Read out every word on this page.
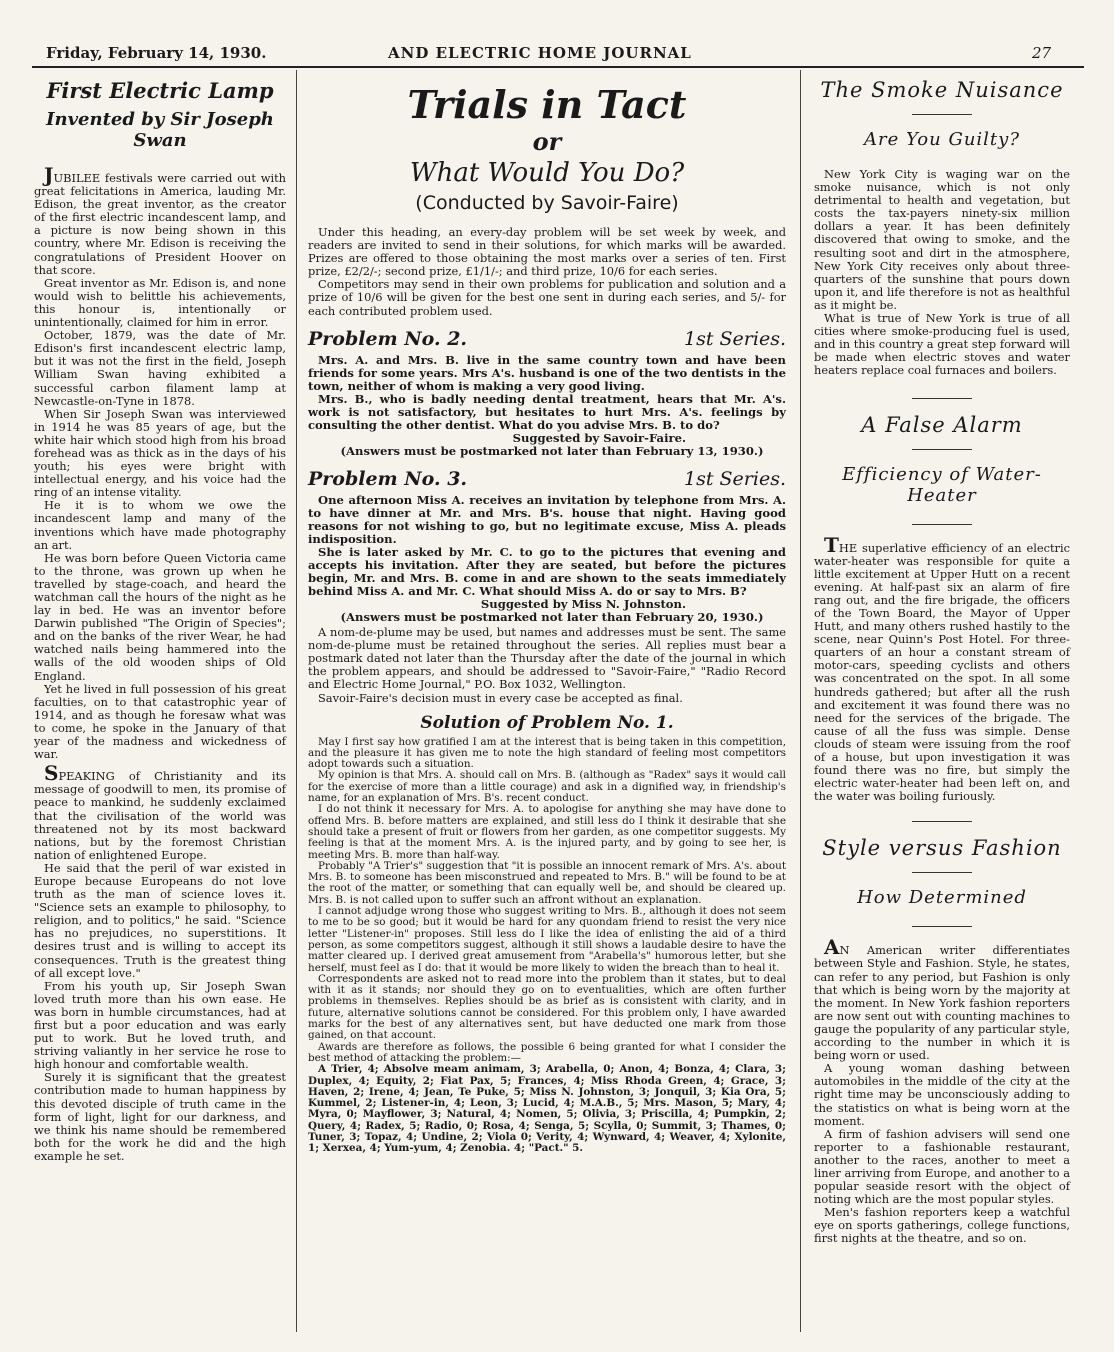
Friday, February 14, 1930.	AND ELECTRIC HOME JOURNAL	27
First Electric Lamp
Invented by Sir Joseph Swan

JUBILEE festivals were carried out with great felicitations in America, lauding Mr. Edison, the great inventor, as the creator of the first electric incandescent lamp, and a picture is now being shown in this country, where Mr. Edison is receiving the congratulations of President Hoover on that score.

Great inventor as Mr. Edison is, and none would wish to belittle his achievements, this honour is, intentionally or unintentionally, claimed for him in error.

October, 1879, was the date of Mr. Edison's first incandescent electric lamp, but it was not the first in the field, Joseph William Swan having exhibited a successful carbon filament lamp at Newcastle-on-Tyne in 1878.

When Sir Joseph Swan was interviewed in 1914 he was 85 years of age, but the white hair which stood high from his broad forehead was as thick as in the days of his youth; his eyes were bright with intellectual energy, and his voice had the ring of an intense vitality.

He it is to whom we owe the incandescent lamp and many of the inventions which have made photography an art.

He was born before Queen Victoria came to the throne, was grown up when he travelled by stage-coach, and heard the watchman call the hours of the night as he lay in bed. He was an inventor before Darwin published "The Origin of Species"; and on the banks of the river Wear, he had watched nails being hammered into the walls of the old wooden ships of Old England.

Yet he lived in full possession of his great faculties, on to that catastrophic year of 1914, and as though he foresaw what was to come, he spoke in the January of that year of the madness and wickedness of war.

SPEAKING of Christianity and its message of goodwill to men, its promise of peace to mankind, he suddenly exclaimed that the civilisation of the world was threatened not by its most backward nations, but by the foremost Christian nation of enlightened Europe.

He said that the peril of war existed in Europe because Europeans do not love truth as the man of science loves it. "Science sets an example to philosophy, to religion, and to politics," he said. "Science has no prejudices, no superstitions. It desires trust and is willing to accept its consequences. Truth is the greatest thing of all except love."

From his youth up, Sir Joseph Swan loved truth more than his own ease. He was born in humble circumstances, had at first but a poor education and was early put to work. But he loved truth, and striving valiantly in her service he rose to high honour and comfortable wealth.

Surely it is significant that the greatest contribution made to human happiness by this devoted disciple of truth came in the form of light, light for our darkness, and we think his name should be remembered both for the work he did and the high example he set.

Trials in Tact
or
What Would You Do?
(Conducted by Savoir-Faire)

Under this heading, an every-day problem will be set week by week, and readers are invited to send in their solutions, for which marks will be awarded. Prizes are offered to those obtaining the most marks over a series of ten. First prize, £2/2/-; second prize, £1/1/-; and third prize, 10/6 for each series.

Competitors may send in their own problems for publication and solution and a prize of 10/6 will be given for the best one sent in during each series, and 5/- for each contributed problem used.

Problem No. 2.	1st Series.

Mrs. A. and Mrs. B. live in the same country town and have been friends for some years. Mrs A's. husband is one of the two dentists in the town, neither of whom is making a very good living.

Mrs. B., who is badly needing dental treatment, hears that Mr. A's. work is not satisfactory, but hesitates to hurt Mrs. A's. feelings by consulting the other dentist. What do you advise Mrs. B. to do?

Suggested by Savoir-Faire.

(Answers must be postmarked not later than February 13, 1930.)

Problem No. 3.	1st Series.

One afternoon Miss A. receives an invitation by telephone from Mrs. A. to have dinner at Mr. and Mrs. B's. house that night. Having good reasons for not wishing to go, but no legitimate excuse, Miss A. pleads indisposition.

She is later asked by Mr. C. to go to the pictures that evening and accepts his invitation. After they are seated, but before the pictures begin, Mr. and Mrs. B. come in and are shown to the seats immediately behind Miss A. and Mr. C. What should Miss A. do or say to Mrs. B?

Suggested by Miss N. Johnston.

(Answers must be postmarked not later than February 20, 1930.)

A nom-de-plume may be used, but names and addresses must be sent. The same nom-de-plume must be retained throughout the series. All replies must bear a postmark dated not later than the Thursday after the date of the journal in which the problem appears, and should be addressed to "Savoir-Faire," "Radio Record and Electric Home Journal," P.O. Box 1032, Wellington.

Savoir-Faire's decision must in every case be accepted as final.

Solution of Problem No. 1.

May I first say how gratified I am at the interest that is being taken in this competition, and the pleasure it has given me to note the high standard of feeling most competitors adopt towards such a situation.

My opinion is that Mrs. A. should call on Mrs. B. (although as "Radex" says it would call for the exercise of more than a little courage) and ask in a dignified way, in friendship's name, for an explanation of Mrs. B's. recent conduct.

I do not think it necessary for Mrs. A. to apologise for anything she may have done to offend Mrs. B. before matters are explained, and still less do I think it desirable that she should take a present of fruit or flowers from her garden, as one competitor suggests. My feeling is that at the moment Mrs. A. is the injured party, and by going to see her, is meeting Mrs. B. more than half-way.

Probably "A Trier's" suggestion that "it is possible an innocent remark of Mrs. A's. about Mrs. B. to someone has been misconstrued and repeated to Mrs. B." will be found to be at the root of the matter, or something that can equally well be, and should be cleared up. Mrs. B. is not called upon to suffer such an affront without an explanation.

I cannot adjudge wrong those who suggest writing to Mrs. B., although it does not seem to me to be so good; but it would be hard for any quondam friend to resist the very nice letter "Listener-in" proposes. Still less do I like the idea of enlisting the aid of a third person, as some competitors suggest, although it still shows a laudable desire to have the matter cleared up. I derived great amusement from "Arabella's" humorous letter, but she herself, must feel as I do: that it would be more likely to widen the breach than to heal it.

Correspondents are asked not to read more into the problem than it states, but to deal with it as it stands; nor should they go on to eventualities, which are often further problems in themselves. Replies should be as brief as is consistent with clarity, and in future, alternative solutions cannot be considered. For this problem only, I have awarded marks for the best of any alternatives sent, but have deducted one mark from those gained, on that account.

Awards are therefore as follows, the possible 6 being granted for what I consider the best method of attacking the problem:—

A Trier, 4; Absolve meam animam, 3; Arabella, 0; Anon, 4; Bonza, 4; Clara, 3; Duplex, 4; Equity, 2; Fiat Pax, 5; Frances, 4; Miss Rhoda Green, 4; Grace, 3; Haven, 2; Irene, 4; Jean, Te Puke, 5; Miss N. Johnston, 3; Jonquil, 3; Kia Ora, 5; Kummel, 2; Listener-in, 4; Leon, 3; Lucid, 4; M.A.B., 5; Mrs. Mason, 5; Mary, 4; Myra, 0; Mayflower, 3; Natural, 4; Nomen, 5; Olivia, 3; Priscilla, 4; Pumpkin, 2; Query, 4; Radex, 5; Radio, 0; Rosa, 4; Senga, 5; Scylla, 0; Summit, 3; Thames, 0; Tuner, 3; Topaz, 4; Undine, 2; Viola 0; Verity, 4; Wynward, 4; Weaver, 4; Xylonite, 1; Xerxea, 4; Yum-yum, 4; Zenobia. 4; "Pact." 5.

The Smoke Nuisance
Are You Guilty?

New York City is waging war on the smoke nuisance, which is not only detrimental to health and vegetation, but costs the tax-payers ninety-six million dollars a year. It has been definitely discovered that owing to smoke, and the resulting soot and dirt in the atmosphere, New York City receives only about three-quarters of the sunshine that pours down upon it, and life therefore is not as healthful as it might be.

What is true of New York is true of all cities where smoke-producing fuel is used, and in this country a great step forward will be made when electric stoves and water heaters replace coal furnaces and boilers.

A False Alarm
Efficiency of Water-Heater

THE superlative efficiency of an electric water-heater was responsible for quite a little excitement at Upper Hutt on a recent evening. At half-past six an alarm of fire rang out, and the fire brigade, the officers of the Town Board, the Mayor of Upper Hutt, and many others rushed hastily to the scene, near Quinn's Post Hotel. For three-quarters of an hour a constant stream of motor-cars, speeding cyclists and others was concentrated on the spot. In all some hundreds gathered; but after all the rush and excitement it was found there was no need for the services of the brigade. The cause of all the fuss was simple. Dense clouds of steam were issuing from the roof of a house, but upon investigation it was found there was no fire, but simply the electric water-heater had been left on, and the water was boiling furiously.

Style versus Fashion
How Determined

AN American writer differentiates between Style and Fashion. Style, he states, can refer to any period, but Fashion is only that which is being worn by the majority at the moment. In New York fashion reporters are now sent out with counting machines to gauge the popularity of any particular style, according to the number in which it is being worn or used.

A young woman dashing between automobiles in the middle of the city at the right time may be unconsciously adding to the statistics on what is being worn at the moment.

A firm of fashion advisers will send one reporter to a fashionable restaurant, another to the races, another to meet a liner arriving from Europe, and another to a popular seaside resort with the object of noting which are the most popular styles.

Men's fashion reporters keep a watchful eye on sports gatherings, college functions, first nights at the theatre, and so on.
